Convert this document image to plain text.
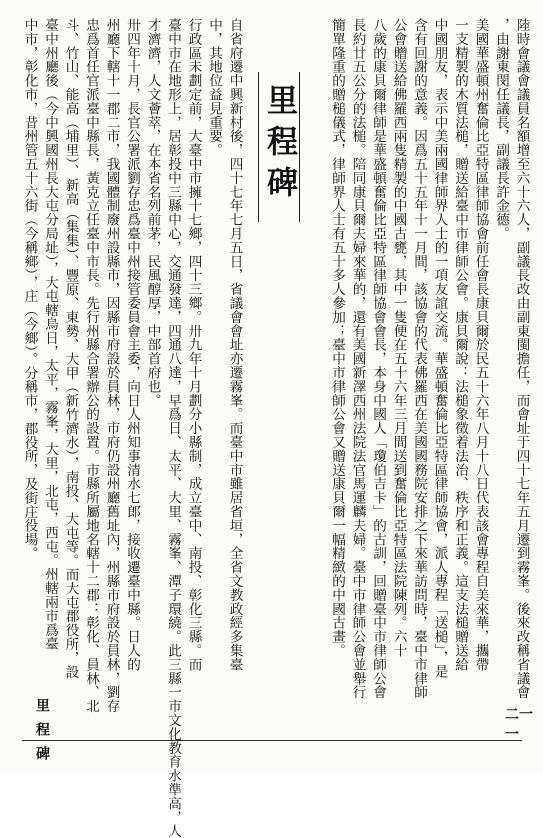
里程碑	陸時會議會議員名額增至六十六人，副議長改由副東閩擔任，而會址于四十七年五月遷到霧峯。後來改稱省議會
，由謝東閔任議長，副議長許金德。
美國華盛頓州奮倫比亞特區律師協會前任會長康貝爾於民五十六年八月十八日代表該會專程自美來華，攜帶
一支精製的木質法槌，贈送給臺中市律師公會。康貝爾說：法槌象徵着法治、秩序和正義。這支法槌贈送給
中國朋友，表示中美兩國律師界人士的一項友誼交流。華盛頓奮倫比亞特區律師協會，派人專程「送槌」，是
含有回謝的意義。因爲五十五年十一月間，該協會的代表佛羅西在美國國務院安排之下來華訪問時，臺中市律師
公會贈送給佛羅西兩隻精製的中國古甕，其中一隻便在五十六年三月間送到奮倫比亞特區法院陳列。六十
八歲的康貝爾律師是華盛頓奮倫比亞特區律師協會會長，本身中國人「瓊伯吉卡」的古訓，回贈臺中市律師公會
長約廿五公分的法槌。陪同康貝爾夫婦來華的，還有美國新澤西州法院法官馬運麟夫婦。臺中市律師公會並舉行
簡單隆重的贈槌儀式，律師界人士有五十多人參加；臺中市律師公會又贈送康貝爾一幅精緻的中國古畫。
自省府遷中興新村後，四十七年七月五日，省議會會址亦遷霧峯。而臺中市雖居省垣，全省文教政經多集臺
中，其地位益見重要。
行政區未劃定前，大臺中市擁十七鄉，四十三鄉。卅九年十月劃分小縣制，成立臺中、南投、彰化三縣。而
臺中市在地形上，居彰投中三縣中心，交通發達，四通八達，早爲日、太平、大里、霧峯、潭子環繞。此三縣一市文化教育水準高，人
才濟濟，人文薈萃，在本省名列前茅，民風醇厚，中部首府也。
卅四年十月，長官公署派劉存忠爲臺中州接管委員會主委，向日人州知事清水七郎，接收遷臺中縣。日人的
州廳下轄十一郡二市，我國體制廢州設縣市，因縣市府設於員林，市府仍設州廳舊址內，州縣市府設於員林，劉存
忠爲首任官派臺中縣長，黃克立任臺中市長。先行州縣合署辦公的設置。市縣所屬地名轄十二郡：彰化、員林、北
斗、竹山、能高（埔里）、新高（集集）、豐原、東勢、大甲（新竹濟水），南投、大屯等。而大屯郡役所，設
臺中州廳後（今中興國州長大屯分局址），大屯轄烏日，太平，霧峯，大里，北屯，西屯。州轄兩市爲臺
中市，彰化市，昔州管五十六街（今稱鄉），庄（今鄉）。分稱市，郡役所，及街庄役場。
里程碑	二一一
